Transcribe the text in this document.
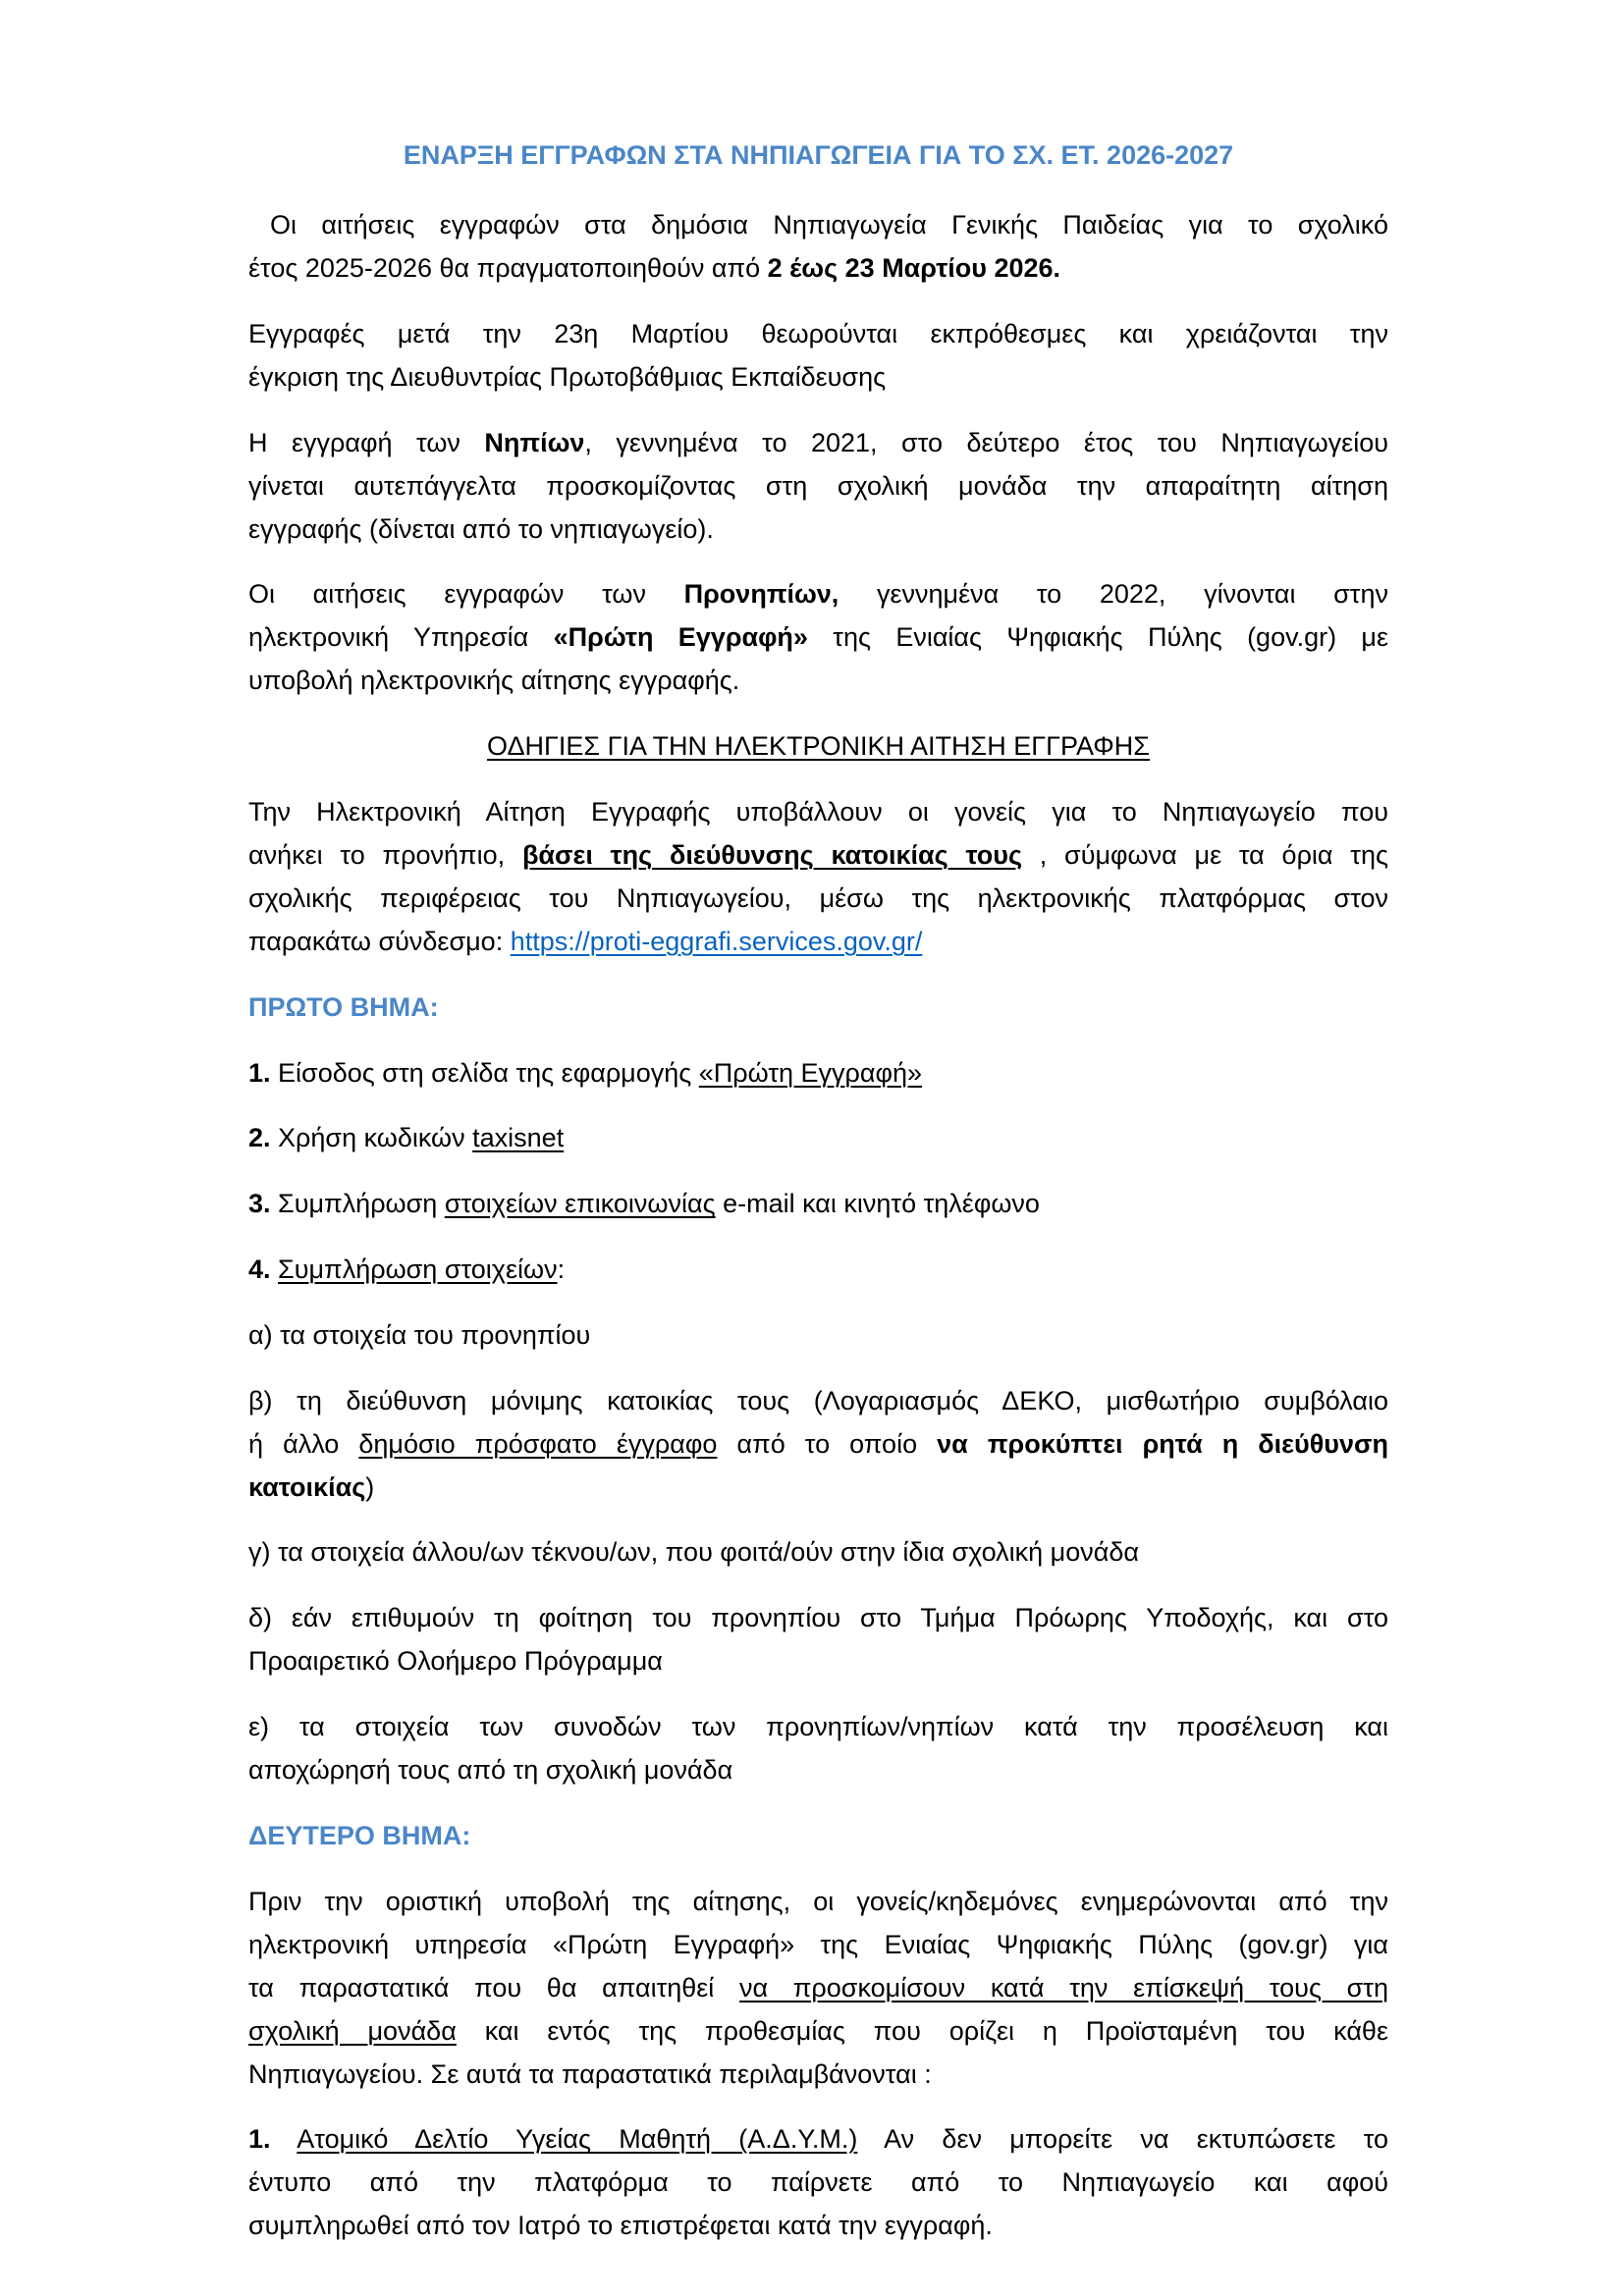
ΕΝΑΡΞΗ ΕΓΓΡΑΦΩΝ ΣΤΑ ΝΗΠΙΑΓΩΓΕΙΑ ΓΙΑ ΤΟ ΣΧ. ΕΤ. 2026-2027
Οι αιτήσεις εγγραφών στα δημόσια Νηπιαγωγεία Γενικής Παιδείας για το σχολικό
έτος 2025-2026 θα πραγματοποιηθούν από 2 έως 23 Μαρτίου 2026.
Εγγραφές μετά την 23η Μαρτίου θεωρούνται εκπρόθεσμες και χρειάζονται την
έγκριση της Διευθυντρίας Πρωτοβάθμιας Εκπαίδευσης
Η εγγραφή των Νηπίων, γεννημένα το 2021, στο δεύτερο έτος του Νηπιαγωγείου
γίνεται αυτεπάγγελτα προσκομίζοντας στη σχολική μονάδα την απαραίτητη αίτηση
εγγραφής (δίνεται από το νηπιαγωγείο).
Οι αιτήσεις εγγραφών των Προνηπίων, γεννημένα το 2022, γίνονται στην
ηλεκτρονική Υπηρεσία «Πρώτη Εγγραφή» της Ενιαίας Ψηφιακής Πύλης (gov.gr) με
υποβολή ηλεκτρονικής αίτησης εγγραφής.
ΟΔΗΓΙΕΣ ΓΙΑ ΤΗΝ ΗΛΕΚΤΡΟΝΙΚΗ ΑΙΤΗΣΗ ΕΓΓΡΑΦΗΣ
Την Ηλεκτρονική Αίτηση Εγγραφής υποβάλλουν οι γονείς για το Νηπιαγωγείο που
ανήκει το προνήπιο, βάσει της διεύθυνσης κατοικίας τους , σύμφωνα με τα όρια της
σχολικής περιφέρειας του Νηπιαγωγείου, μέσω της ηλεκτρονικής πλατφόρμας στον
παρακάτω σύνδεσμο: https://proti-eggrafi.services.gov.gr/
ΠΡΩΤΟ ΒΗΜΑ:
1. Είσοδος στη σελίδα της εφαρμογής «Πρώτη Εγγραφή»
2. Χρήση κωδικών taxisnet
3. Συμπλήρωση στοιχείων επικοινωνίας e-mail και κινητό τηλέφωνο
4. Συμπλήρωση στοιχείων:
α) τα στοιχεία του προνηπίου
β) τη διεύθυνση μόνιμης κατοικίας τους (Λογαριασμός ΔΕΚΟ, μισθωτήριο συμβόλαιο
ή άλλο δημόσιο πρόσφατο έγγραφο από το οποίο να προκύπτει ρητά η διεύθυνση
κατοικίας)
γ) τα στοιχεία άλλου/ων τέκνου/ων, που φοιτά/ούν στην ίδια σχολική μονάδα
δ) εάν επιθυμούν τη φοίτηση του προνηπίου στο Τμήμα Πρόωρης Υποδοχής, και στο
Προαιρετικό Ολοήμερο Πρόγραμμα
ε) τα στοιχεία των συνοδών των προνηπίων/νηπίων κατά την προσέλευση και
αποχώρησή τους από τη σχολική μονάδα
ΔΕΥΤΕΡΟ ΒΗΜΑ:
Πριν την οριστική υποβολή της αίτησης, οι γονείς/κηδεμόνες ενημερώνονται από την
ηλεκτρονική υπηρεσία «Πρώτη Εγγραφή» της Ενιαίας Ψηφιακής Πύλης (gov.gr) για
τα παραστατικά που θα απαιτηθεί να προσκομίσουν κατά την επίσκεψή τους στη
σχολική μονάδα και εντός της προθεσμίας που ορίζει η Προϊσταμένη του κάθε
Νηπιαγωγείου. Σε αυτά τα παραστατικά περιλαμβάνονται :
1. Ατομικό Δελτίο Υγείας Μαθητή (Α.Δ.Υ.Μ.) Αν δεν μπορείτε να εκτυπώσετε το
έντυπο από την πλατφόρμα το παίρνετε από το Νηπιαγωγείο και αφού
συμπληρωθεί από τον Ιατρό το επιστρέφεται κατά την εγγραφή.
